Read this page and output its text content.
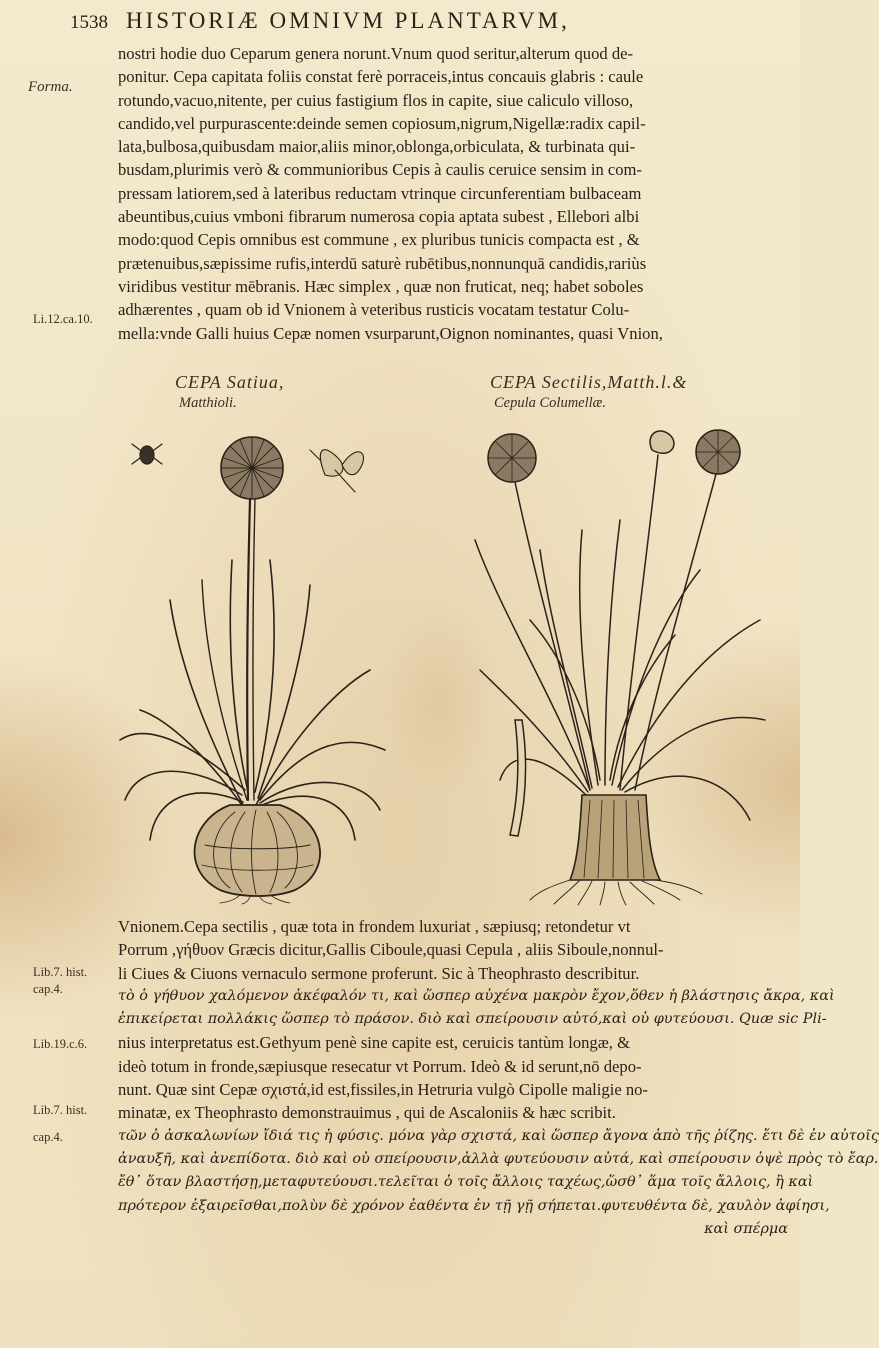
1538 HISTORIÆ OMNIVM PLANTARVM,
Forma.
Li.12.ca.10.
Lib.7. hist.
cap.4.
Lib.19.c.6.
Lib.7. hist.
cap.4.
nostri hodie duo Ceparum genera norunt.Vnum quod seritur,alterum quod de-
ponitur. Cepa capitata foliis constat ferè porraceis,intus concauis glabris : caule
rotundo,vacuo,nitente, per cuius fastigium flos in capite, siue caliculo villoso,
candido,vel purpurascente:deinde semen copiosum,nigrum,Nigellæ:radix capil-
lata,bulbosa,quibusdam maior,aliis minor,oblonga,orbiculata, & turbinata qui-
busdam,plurimis verò & communioribus Cepis à caulis ceruice sensim in com-
pressam latiorem,sed à lateribus reductam vtrinque circunferentiam bulbaceam
abeuntibus,cuius vmboni fibrarum numerosa copia aptata subest , Ellebori albi
modo:quod Cepis omnibus est commune , ex pluribus tunicis compacta est , &
prætenuibus,sæpissime rufis,interdū saturè rubētibus,nonnunquā candidis,rariùs
viridibus vestitur mēbranis. Hæc simplex , quæ non fruticat, neq; habet soboles
adhærentes , quam ob id Vnionem à veteribus rusticis vocatam testatur Colu-
mella:vnde Galli huius Cepæ nomen vsurparunt,Oignon nominantes, quasi Vnion,
CEPA Satiua,
Matthioli.
CEPA Sectilis,Matth.l.&
Cepula Columellæ.
Vnionem.Cepa sectilis , quæ tota in frondem luxuriat , sæpiusq; retondetur vt
Porrum ,γήθυον Græcis dicitur,Gallis Ciboule,quasi Cepula , aliis Siboule,nonnul-
li Ciues & Ciuons vernaculo sermone proferunt. Sic à Theophrasto describitur.
τὸ ὁ γήθυον χαλόμενον ἀκέφαλόν τι, καὶ ὥσπερ αὐχένα μακρὸν ἔχον,ὅθεν ἡ βλάστησις ἄκρα, καὶ
ἐπικείρεται πολλάκις ὥσπερ τὸ πράσον. διὸ καὶ σπείρουσιν αὐτό,καὶ οὐ φυτεύουσι. Quæ sic Pli-
nius interpretatus est.Gethyum penè sine capite est, ceruicis tantùm longæ, &
ideò totum in fronde,sæpiusque resecatur vt Porrum. Ideò & id serunt,nō depo-
nunt. Quæ sint Cepæ σχιστά,id est,fissiles,in Hetruria vulgò Cipolle maligie no-
minatæ, ex Theophrasto demonstrauimus , qui de Ascaloniis & hæc scribit.
τῶν ὁ ἀσκαλωνίων ἴδιά τις ἡ φύσις. μόνα γὰρ σχιστά, καὶ ὥσπερ ἄγονα ἀπὸ τῆς ῥίζης. ἔτι δὲ ἐν αὐτοῖς
ἀναυξῆ, καὶ ἀνεπίδοτα. διὸ καὶ οὐ σπείρουσιν,ἀλλὰ φυτεύουσιν αὐτά, καὶ σπείρουσιν ὀψὲ πρὸς τὸ ἔαρ.
ἔθ᾽ ὅταν βλαστήσῃ,μεταφυτεύουσι.τελεῖται ὁ τοῖς ἄλλοις ταχέως,ὥσθ᾽ ἅμα τοῖς ἄλλοις, ἢ καὶ
πρότερον ἐξαιρεῖσθαι,πολὺν δὲ χρόνον ἐαθέντα ἐν τῇ γῇ σήπεται.φυτευθέντα δὲ, χαυλὸν ἀφίησι,
καὶ σπέρμα
